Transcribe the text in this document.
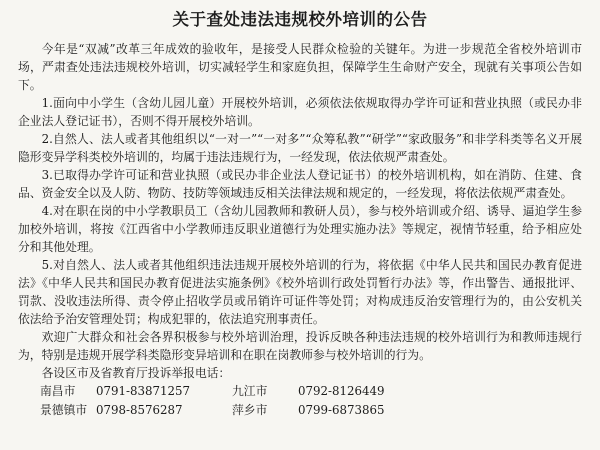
关于查处违法违规校外培训的公告

今年是“双减”改革三年成效的验收年，是接受人民群众检验的关键年。为进一步规范全省校外培训市场，严肃查处违法违规校外培训，切实减轻学生和家庭负担，保障学生生命财产安全，现就有关事项公告如下。

1.面向中小学生（含幼儿园儿童）开展校外培训，必须依法依规取得办学许可证和营业执照（或民办非企业法人登记证书），否则不得开展校外培训。

2.自然人、法人或者其他组织以“一对一”“一对多”“众筹私教”“研学”“家政服务”和非学科类等名义开展隐形变异学科类校外培训的，均属于违法违规行为，一经发现，依法依规严肃查处。

3.已取得办学许可证和营业执照（或民办非企业法人登记证书）的校外培训机构，如在消防、住建、食品、资金安全以及人防、物防、技防等领域违反相关法律法规和规定的，一经发现，将依法依规严肃查处。

4.对在职在岗的中小学教职员工（含幼儿园教师和教研人员），参与校外培训或介绍、诱导、逼迫学生参加校外培训，将按《江西省中小学教师违反职业道德行为处理实施办法》等规定，视情节轻重，给予相应处分和其他处理。

5.对自然人、法人或者其他组织违法违规开展校外培训的行为，将依据《中华人民共和国民办教育促进法》《中华人民共和国民办教育促进法实施条例》《校外培训行政处罚暂行办法》等，作出警告、通报批评、罚款、没收违法所得、责令停止招收学员或吊销许可证件等处罚；对构成违反治安管理行为的，由公安机关依法给予治安管理处罚；构成犯罪的，依法追究刑事责任。

欢迎广大群众和社会各界积极参与校外培训治理，投诉反映各种违法违规的校外培训行为和教师违规行为，特别是违规开展学科类隐形变异培训和在职在岗教师参与校外培训的行为。

各设区市及省教育厅投诉举报电话：

南昌市	0791-83871257	九江市	0792-8126449
景德镇市 0798-8576287	萍乡市	0799-6873865
